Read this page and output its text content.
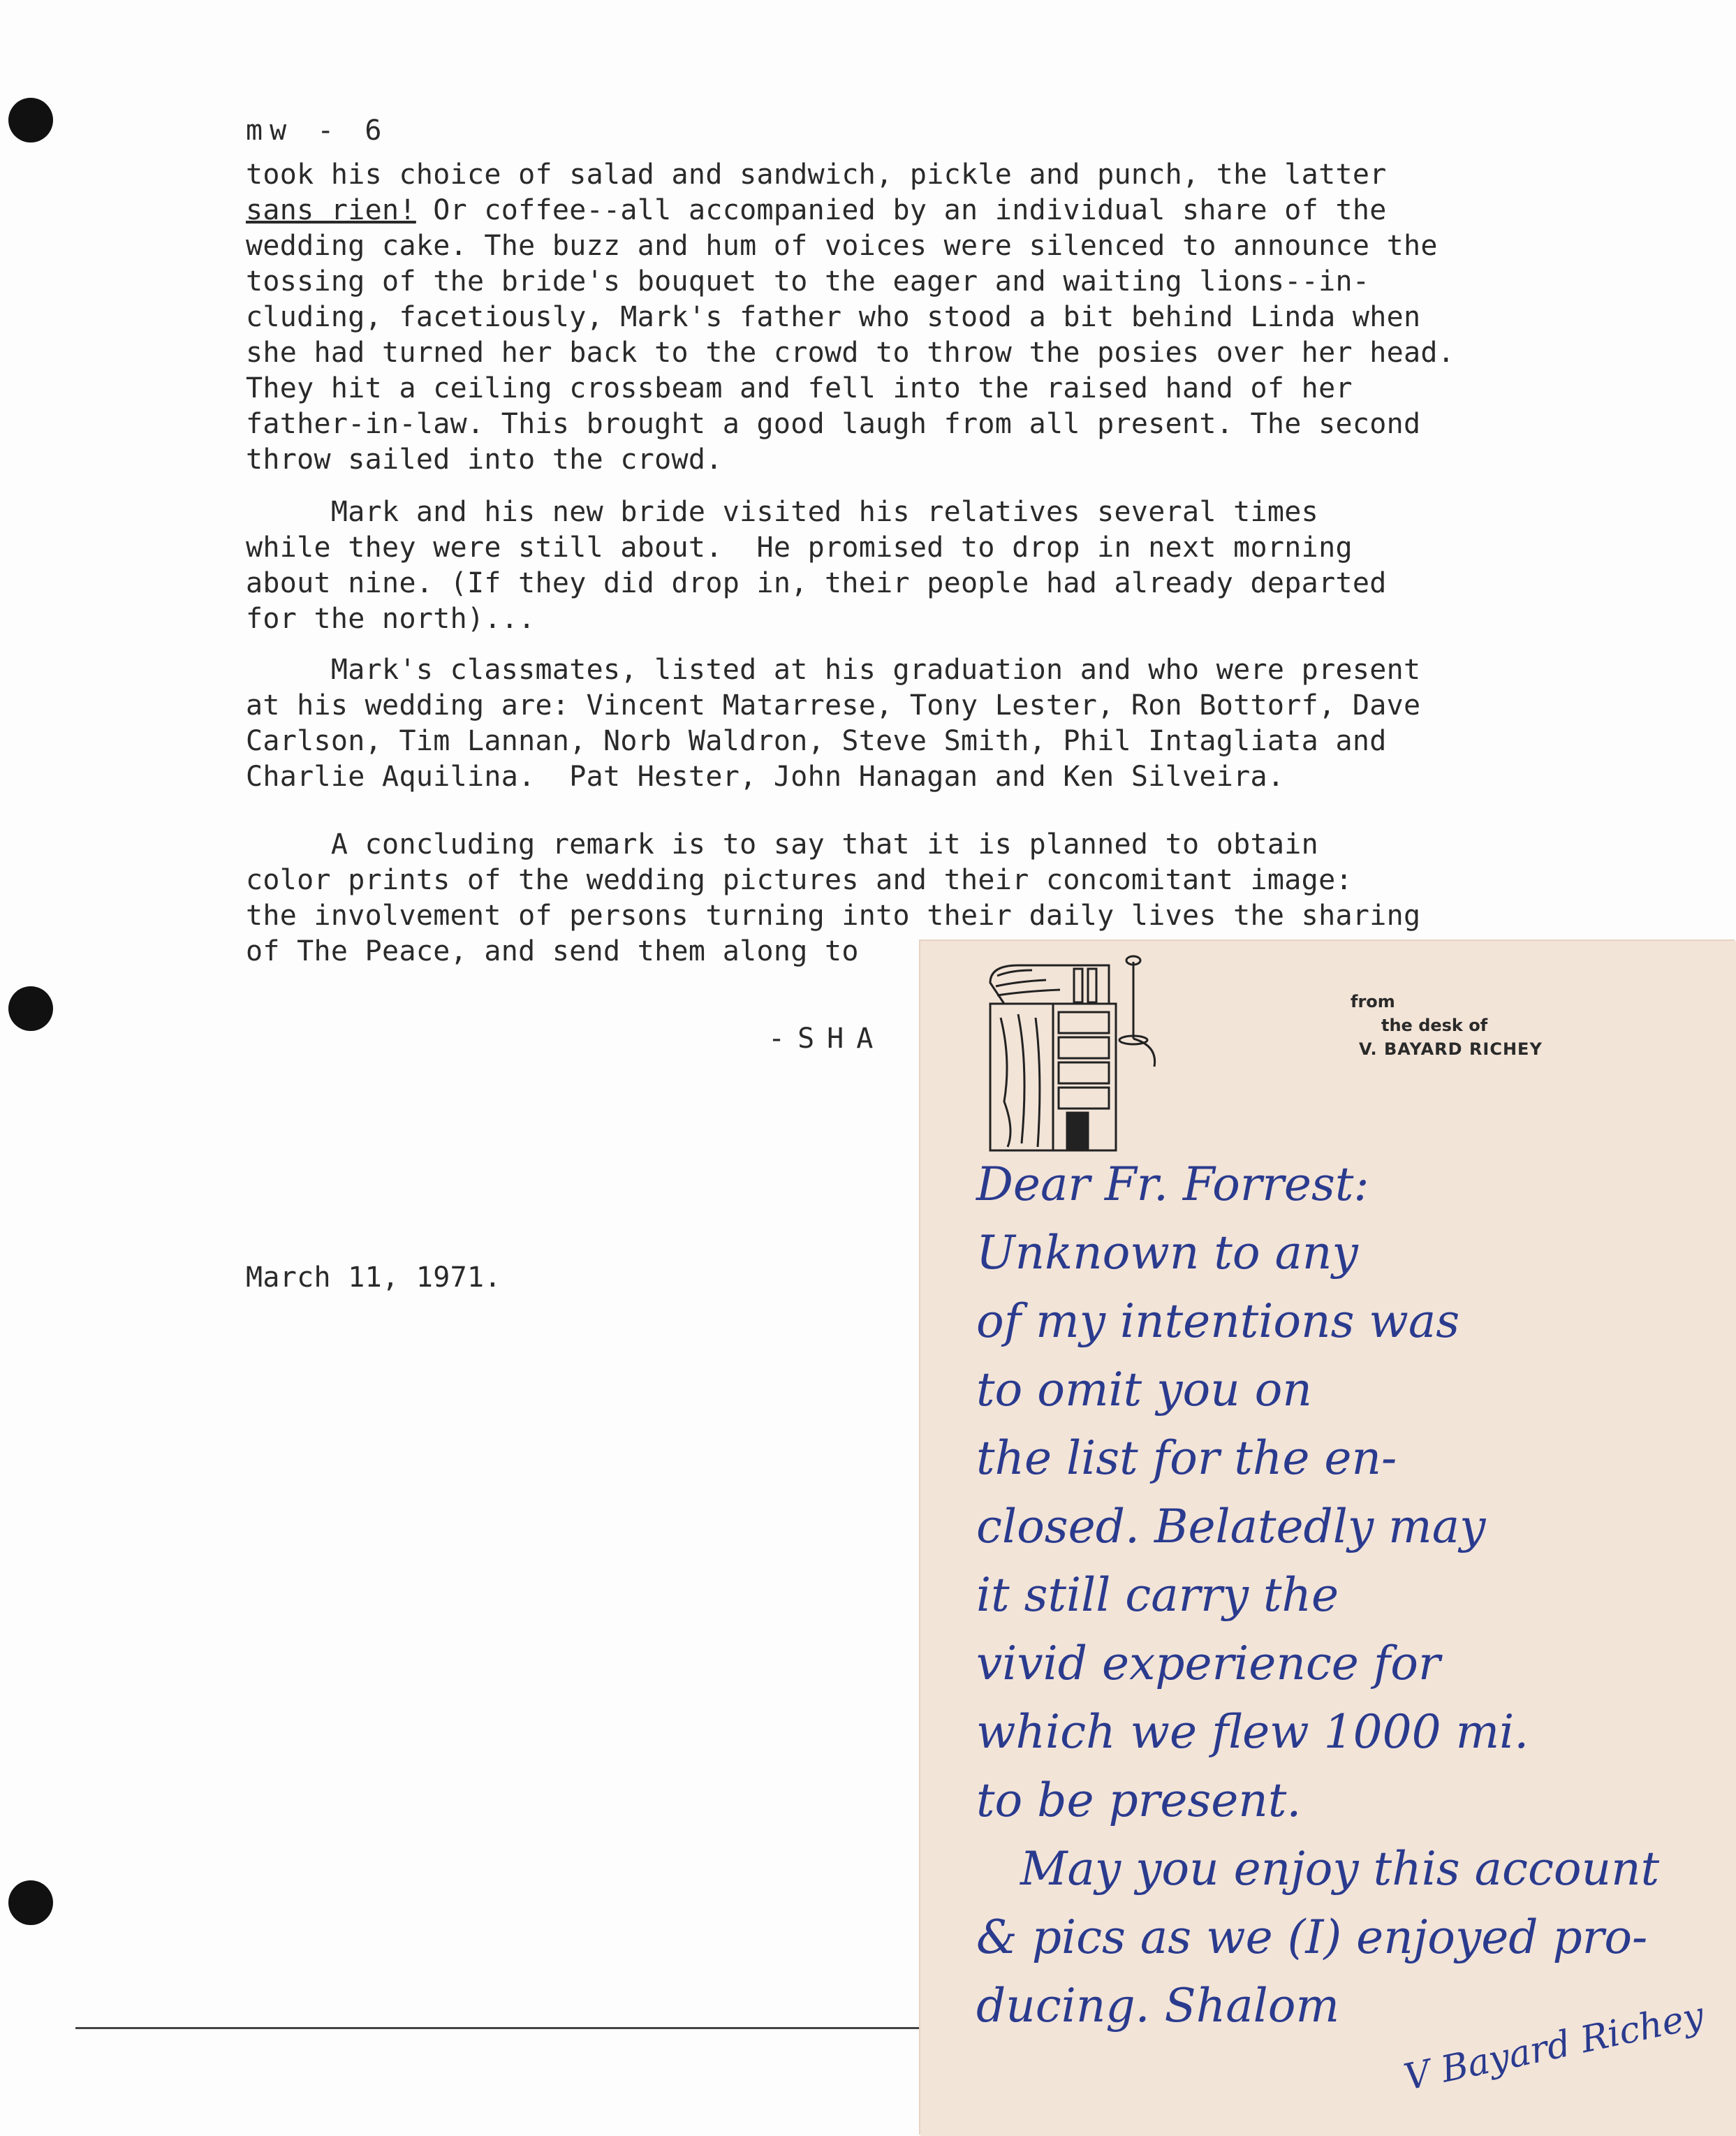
mw - 6
took his choice of salad and sandwich, pickle and punch, the latter
sans rien! Or coffee--all accompanied by an individual share of the
wedding cake. The buzz and hum of voices were silenced to announce the
tossing of the bride's bouquet to the eager and waiting lions--in-
cluding, facetiously, Mark's father who stood a bit behind Linda when
she had turned her back to the crowd to throw the posies over her head.
They hit a ceiling crossbeam and fell into the raised hand of her
father-in-law. This brought a good laugh from all present. The second
throw sailed into the crowd.
Mark and his new bride visited his relatives several times
while they were still about.  He promised to drop in next morning
about nine. (If they did drop in, their people had already departed
for the north)...
Mark's classmates, listed at his graduation and who were present
at his wedding are: Vincent Matarrese, Tony Lester, Ron Bottorf, Dave
Carlson, Tim Lannan, Norb Waldron, Steve Smith, Phil Intagliata and
Charlie Aquilina.  Pat Hester, John Hanagan and Ken Silveira.
A concluding remark is to say that it is planned to obtain
color prints of the wedding pictures and their concomitant image:
the involvement of persons turning into their daily lives the sharing
of The Peace, and send them along to
-SHA
March 11, 1971.
from
the desk of
V. BAYARD RICHEY
Dear Fr. Forrest:
Unknown to any
of my intentions was
to omit you on
the list for the en-
closed. Belatedly may
it still carry the
vivid experience for
which we flew 1000 mi.
to be present.
May you enjoy this account
& pics as we (I) enjoyed pro-
ducing. Shalom	V Bayard Richey
